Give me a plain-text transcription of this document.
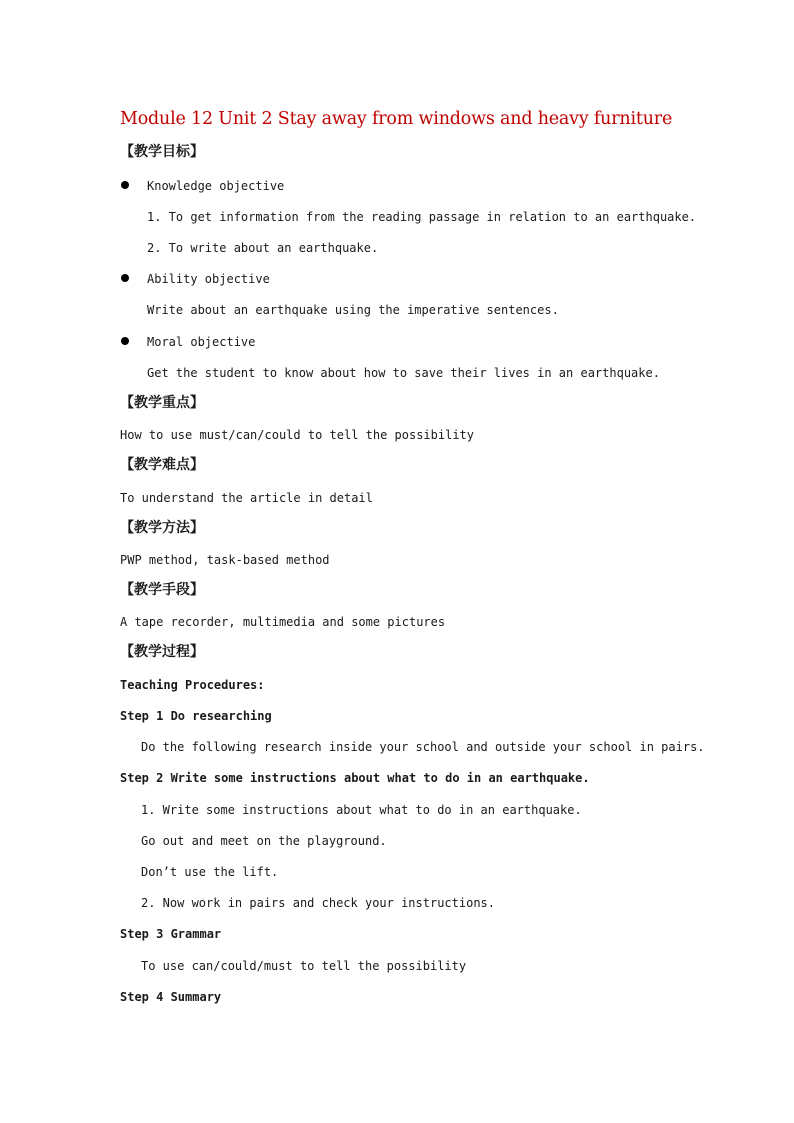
Module 12 Unit 2 Stay away from windows and heavy furniture
【教学目标】
Knowledge objective
1. To get information from the reading passage in relation to an earthquake.
2. To write about an earthquake.
Ability objective
Write about an earthquake using the imperative sentences.
Moral objective
Get the student to know about how to save their lives in an earthquake.
【教学重点】
How to use must/can/could to tell the possibility
【教学难点】
To understand the article in detail
【教学方法】
PWP method, task-based method
【教学手段】
A tape recorder, multimedia and some pictures
【教学过程】
Teaching Procedures:
Step 1 Do researching
Do the following research inside your school and outside your school in pairs.
Step 2 Write some instructions about what to do in an earthquake.
1. Write some instructions about what to do in an earthquake.
Go out and meet on the playground.
Don’t use the lift.
2. Now work in pairs and check your instructions.
Step 3 Grammar
To use can/could/must to tell the possibility
Step 4 Summary
